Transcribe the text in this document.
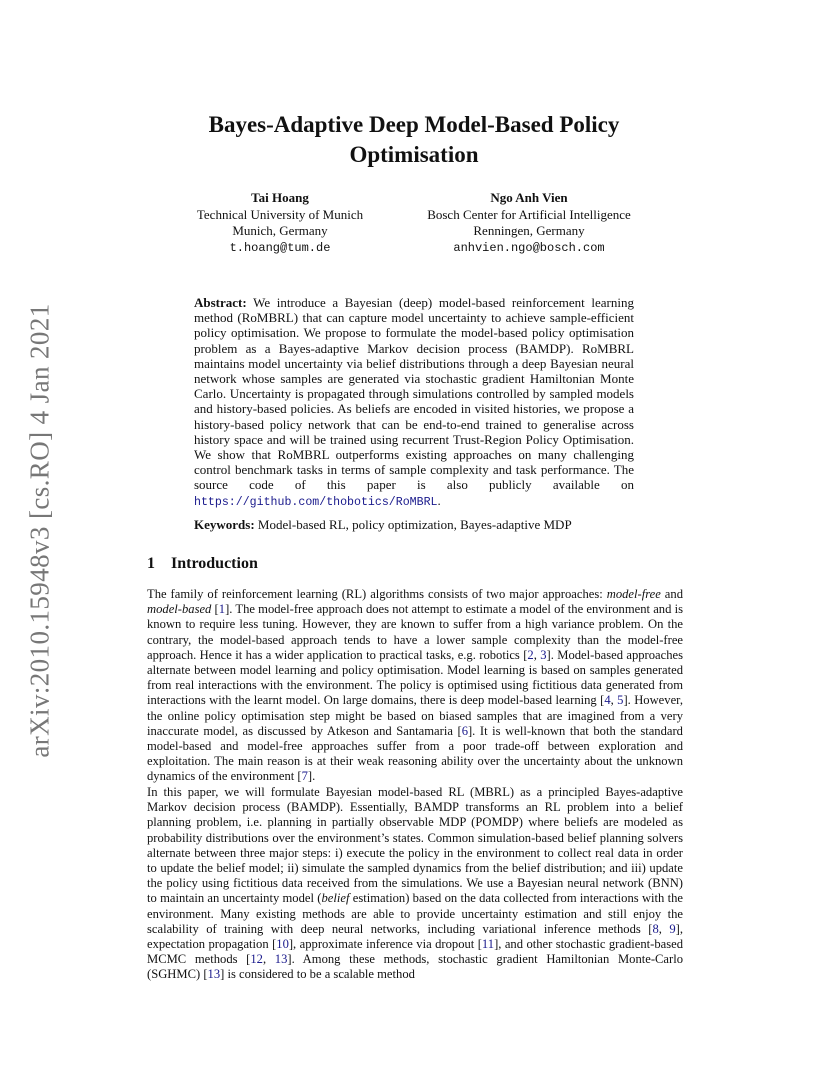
arXiv:2010.15948v3 [cs.RO] 4 Jan 2021
Bayes-Adaptive Deep Model-Based Policy Optimisation
Tai Hoang
Technical University of Munich
Munich, Germany
t.hoang@tum.de
Ngo Anh Vien
Bosch Center for Artificial Intelligence
Renningen, Germany
anhvien.ngo@bosch.com
Abstract: We introduce a Bayesian (deep) model-based reinforcement learning method (RoMBRL) that can capture model uncertainty to achieve sample-efficient policy optimisation. We propose to formulate the model-based policy optimisation problem as a Bayes-adaptive Markov decision process (BAMDP). RoMBRL maintains model uncertainty via belief distributions through a deep Bayesian neural network whose samples are generated via stochastic gradient Hamiltonian Monte Carlo. Uncertainty is propagated through simulations controlled by sampled models and history-based policies. As beliefs are encoded in visited histories, we propose a history-based policy network that can be end-to-end trained to generalise across history space and will be trained using recurrent Trust-Region Policy Optimisation. We show that RoMBRL outperforms existing approaches on many challenging control benchmark tasks in terms of sample complexity and task performance. The source code of this paper is also publicly available on https://github.com/thobotics/RoMBRL.
Keywords: Model-based RL, policy optimization, Bayes-adaptive MDP
1 Introduction
The family of reinforcement learning (RL) algorithms consists of two major approaches: model-free and model-based [1]. The model-free approach does not attempt to estimate a model of the environment and is known to require less tuning. However, they are known to suffer from a high variance problem. On the contrary, the model-based approach tends to have a lower sample complexity than the model-free approach. Hence it has a wider application to practical tasks, e.g. robotics [2, 3]. Model-based approaches alternate between model learning and policy optimisation. Model learning is based on samples generated from real interactions with the environment. The policy is optimised using fictitious data generated from interactions with the learnt model. On large domains, there is deep model-based learning [4, 5]. However, the online policy optimisation step might be based on biased samples that are imagined from a very inaccurate model, as discussed by Atkeson and Santamaria [6]. It is well-known that both the standard model-based and model-free approaches suffer from a poor trade-off between exploration and exploitation. The main reason is at their weak reasoning ability over the uncertainty about the unknown dynamics of the environment [7].
In this paper, we will formulate Bayesian model-based RL (MBRL) as a principled Bayes-adaptive Markov decision process (BAMDP). Essentially, BAMDP transforms an RL problem into a belief planning problem, i.e. planning in partially observable MDP (POMDP) where beliefs are modeled as probability distributions over the environment’s states. Common simulation-based belief planning solvers alternate between three major steps: i) execute the policy in the environment to collect real data in order to update the belief model; ii) simulate the sampled dynamics from the belief distribution; and iii) update the policy using fictitious data received from the simulations. We use a Bayesian neural network (BNN) to maintain an uncertainty model (belief estimation) based on the data collected from interactions with the environment. Many existing methods are able to provide uncertainty estimation and still enjoy the scalability of training with deep neural networks, including variational inference methods [8, 9], expectation propagation [10], approximate inference via dropout [11], and other stochastic gradient-based MCMC methods [12, 13]. Among these methods, stochastic gradient Hamiltonian Monte-Carlo (SGHMC) [13] is considered to be a scalable method
